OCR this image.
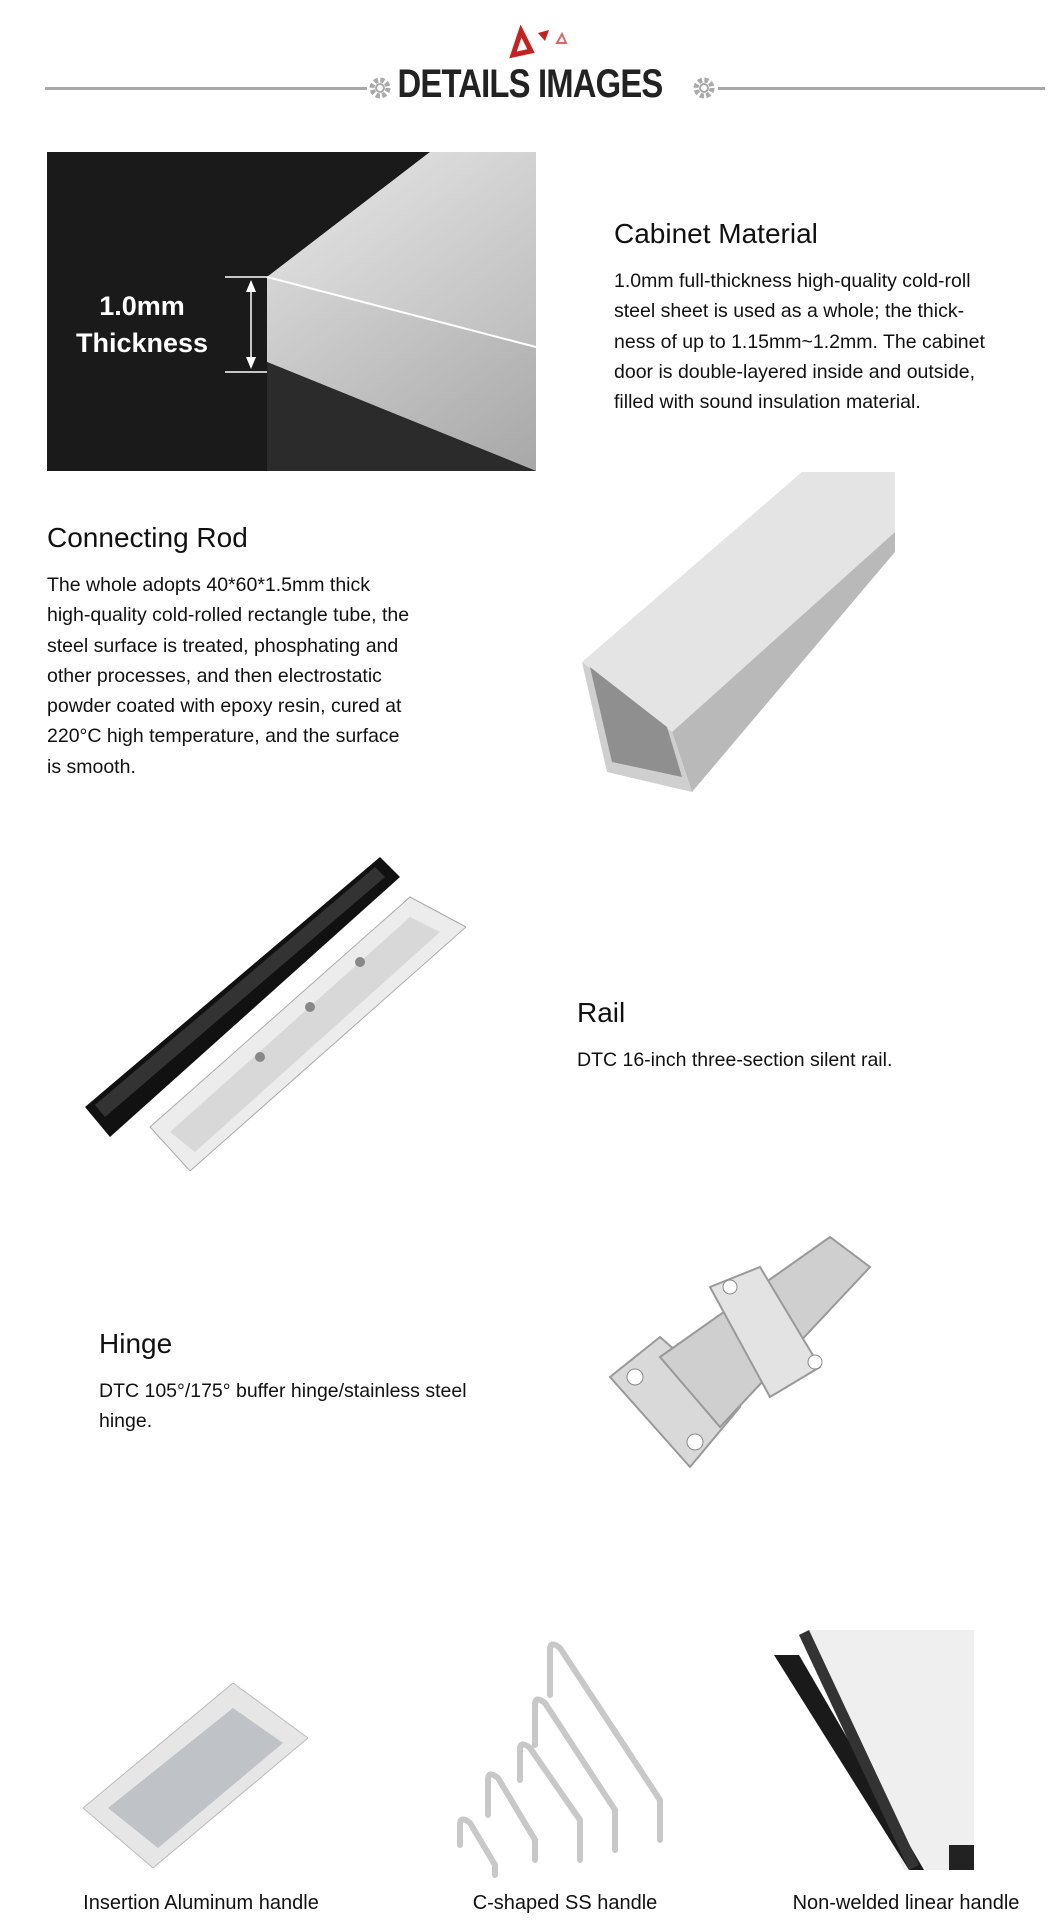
DETAILS IMAGES
1.0mm
Thickness
Cabinet Material
1.0mm full-thickness high-quality cold-roll
steel sheet is used as a whole; the thick-
ness of up to 1.15mm~1.2mm. The cabinet
door is double-layered inside and outside,
filled with sound insulation material.
Connecting Rod
The whole adopts 40*60*1.5mm thick
high-quality cold-rolled rectangle tube, the
steel surface is treated, phosphating and
other processes, and then electrostatic
powder coated with epoxy resin, cured at
220°C high temperature, and the surface
is smooth.
Rail
DTC 16-inch three-section silent rail.
Hinge
DTC 105°/175° buffer hinge/stainless steel
hinge.
Insertion Aluminum handle	C-shaped SS handle	Non-welded linear handle
